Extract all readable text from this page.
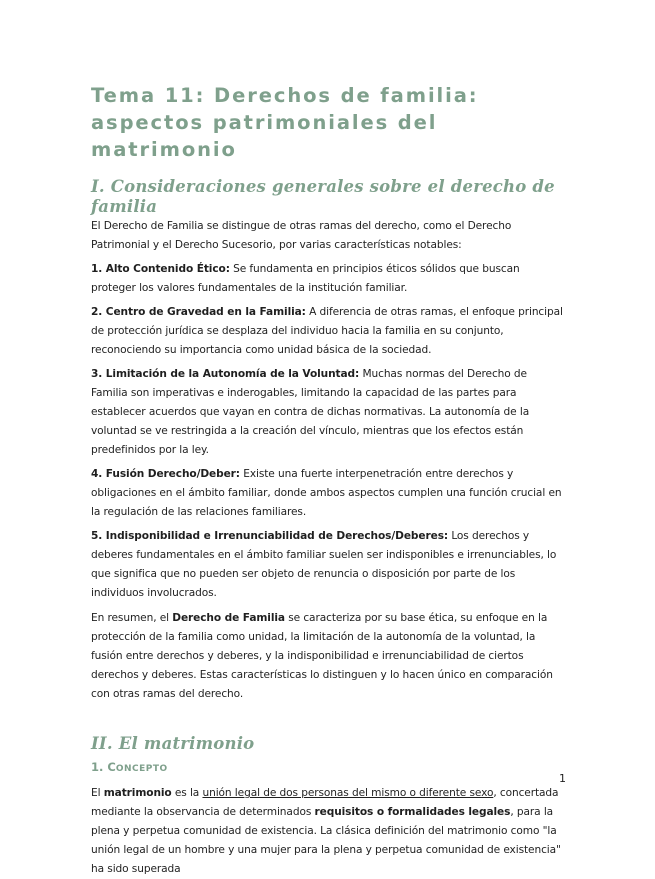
Tema 11: Derechos de familia: aspectos patrimoniales del matrimonio
I. Consideraciones generales sobre el derecho de familia

El Derecho de Familia se distingue de otras ramas del derecho, como el Derecho Patrimonial y el Derecho Sucesorio, por varias características notables:

1. Alto Contenido Ético: Se fundamenta en principios éticos sólidos que buscan proteger los valores fundamentales de la institución familiar.

2. Centro de Gravedad en la Familia: A diferencia de otras ramas, el enfoque principal de protección jurídica se desplaza del individuo hacia la familia en su conjunto, reconociendo su importancia como unidad básica de la sociedad.

3. Limitación de la Autonomía de la Voluntad: Muchas normas del Derecho de Familia son imperativas e inderogables, limitando la capacidad de las partes para establecer acuerdos que vayan en contra de dichas normativas. La autonomía de la voluntad se ve restringida a la creación del vínculo, mientras que los efectos están predefinidos por la ley.

4. Fusión Derecho/Deber: Existe una fuerte interpenetración entre derechos y obligaciones en el ámbito familiar, donde ambos aspectos cumplen una función crucial en la regulación de las relaciones familiares.

5. Indisponibilidad e Irrenunciabilidad de Derechos/Deberes: Los derechos y deberes fundamentales en el ámbito familiar suelen ser indisponibles e irrenunciables, lo que significa que no pueden ser objeto de renuncia o disposición por parte de los individuos involucrados.

En resumen, el Derecho de Familia se caracteriza por su base ética, su enfoque en la protección de la familia como unidad, la limitación de la autonomía de la voluntad, la fusión entre derechos y deberes, y la indisponibilidad e irrenunciabilidad de ciertos derechos y deberes. Estas características lo distinguen y lo hacen único en comparación con otras ramas del derecho.

II. El matrimonio
1. CONCEPTO

El matrimonio es la unión legal de dos personas del mismo o diferente sexo, concertada mediante la observancia de determinados requisitos o formalidades legales, para la plena y perpetua comunidad de existencia. La clásica definición del matrimonio como "la unión legal de un hombre y una mujer para la plena y perpetua comunidad de existencia" ha sido superada

1
